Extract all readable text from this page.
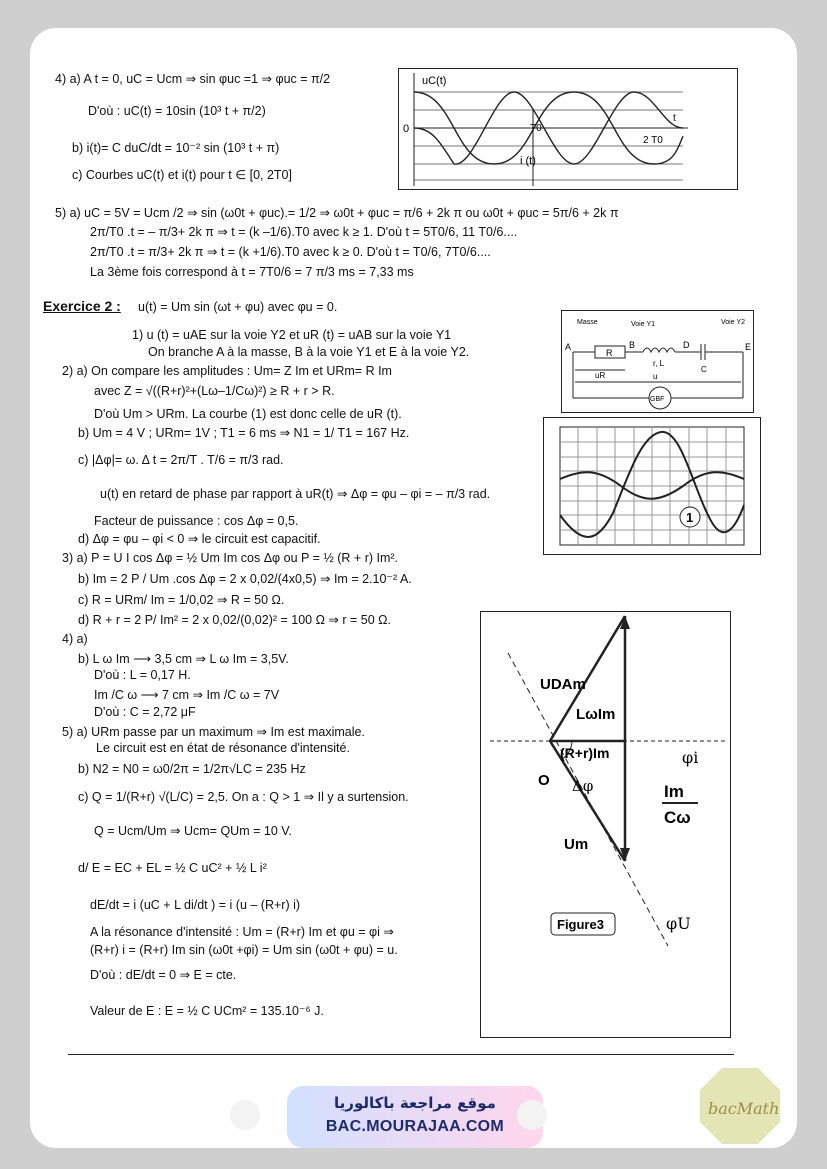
4) a) A t = 0, uC = Ucm ⇒ sin φuc =1 ⇒ φuc = π/2
D'où : uC(t) = 10sin (10³ t + π/2)
b) i(t)= C duC/dt = 10⁻² sin (10³ t + π)
c) Courbes uC(t) et i(t) pour t ∈ [0, 2T0]
5) a) uC = 5V = Ucm /2 ⇒ sin (ω0t + φuc).= 1/2 ⇒ ω0t + φuc = π/6 + 2k π ou ω0t + φuc = 5π/6 + 2k π
2π/T0 .t = – π/3+ 2k π ⇒ t = (k –1/6).T0 avec k ≥ 1. D'où t = 5T0/6, 11 T0/6....
2π/T0 .t = π/3+ 2k π ⇒ t = (k +1/6).T0 avec k ≥ 0. D'où t = T0/6, 7T0/6....
La 3ème fois correspond à t = 7T0/6 = 7 π/3 ms = 7,33 ms
Exercice 2 : u(t) = Um sin (ωt + φu) avec φu = 0.
1) u (t) = uAE sur la voie Y2 et uR (t) = uAB sur la voie Y1
On branche A à la masse, B à la voie Y1 et E à la voie Y2.
2) a) On compare les amplitudes : Um= Z Im et URm= R Im
avec Z = √((R+r)²+(Lω–1/Cω)²) ≥ R + r > R.
D'où Um > URm. La courbe (1) est donc celle de uR (t).
b) Um = 4 V ; URm= 1V ; T1 = 6 ms ⇒ N1 = 1/ T1 = 167 Hz.
c) |Δφ|= ω. Δ t = 2π/T . T/6 = π/3 rad.
u(t) en retard de phase par rapport à uR(t) ⇒ Δφ = φu – φi = – π/3 rad.
Facteur de puissance : cos Δφ = 0,5.
d) Δφ = φu – φi < 0 ⇒ le circuit est capacitif.
3) a) P = U I cos Δφ = ½ Um Im cos Δφ ou P = ½ (R + r) Im².
b) Im = 2 P / Um .cos Δφ = 2 x 0,02/(4x0,5) ⇒ Im = 2.10⁻² A.
c) R = URm/ Im = 1/0,02 ⇒ R = 50 Ω.
d) R + r = 2 P/ Im² = 2 x 0,02/(0,02)² = 100 Ω ⇒ r = 50 Ω.
4) a)
b) L ω Im ⟶ 3,5 cm ⇒ L ω Im = 3,5V.
D'où : L = 0,17 H.
Im /C ω ⟶ 7 cm ⇒ Im /C ω = 7V
D'où : C = 2,72 μF
5) a) URm passe par un maximum ⇒ Im est maximale.
Le circuit est en état de résonance d'intensité.
b) N2 = N0 = ω0/2π = 1/2π√LC = 235 Hz
c) Q = 1/(R+r) √(L/C) = 2,5. On a : Q > 1 ⇒ Il y a surtension.
Q = Ucm/Um ⇒ Ucm= QUm = 10 V.
d/ E = EC + EL = ½ C uC² + ½ L i²
dE/dt = i (uC + L di/dt ) = i (u – (R+r) i)
A la résonance d'intensité : Um = (R+r) Im et φu = φi ⇒
(R+r) i = (R+r) Im sin (ω0t +φi) = Um sin (ω0t + φu) = u.
D'où : dE/dt = 0 ⇒ E = cte.
Valeur de E : E = ½ C UCm² = 135.10⁻⁶ J.
uC(t)
i (t)
0	T0
2 T0
t
Masse	Voie Y1	Voie Y2
A	B	D	E
R
r, L
C
uR	u
GBF
1
UDAm
LωIm
(R+r)Im	φi
O Δφ	Im
Cω
Um
φU
Figure3
موقع مراجعة باكالوريا
BAC.MOURAJAA.COM
bacMath
